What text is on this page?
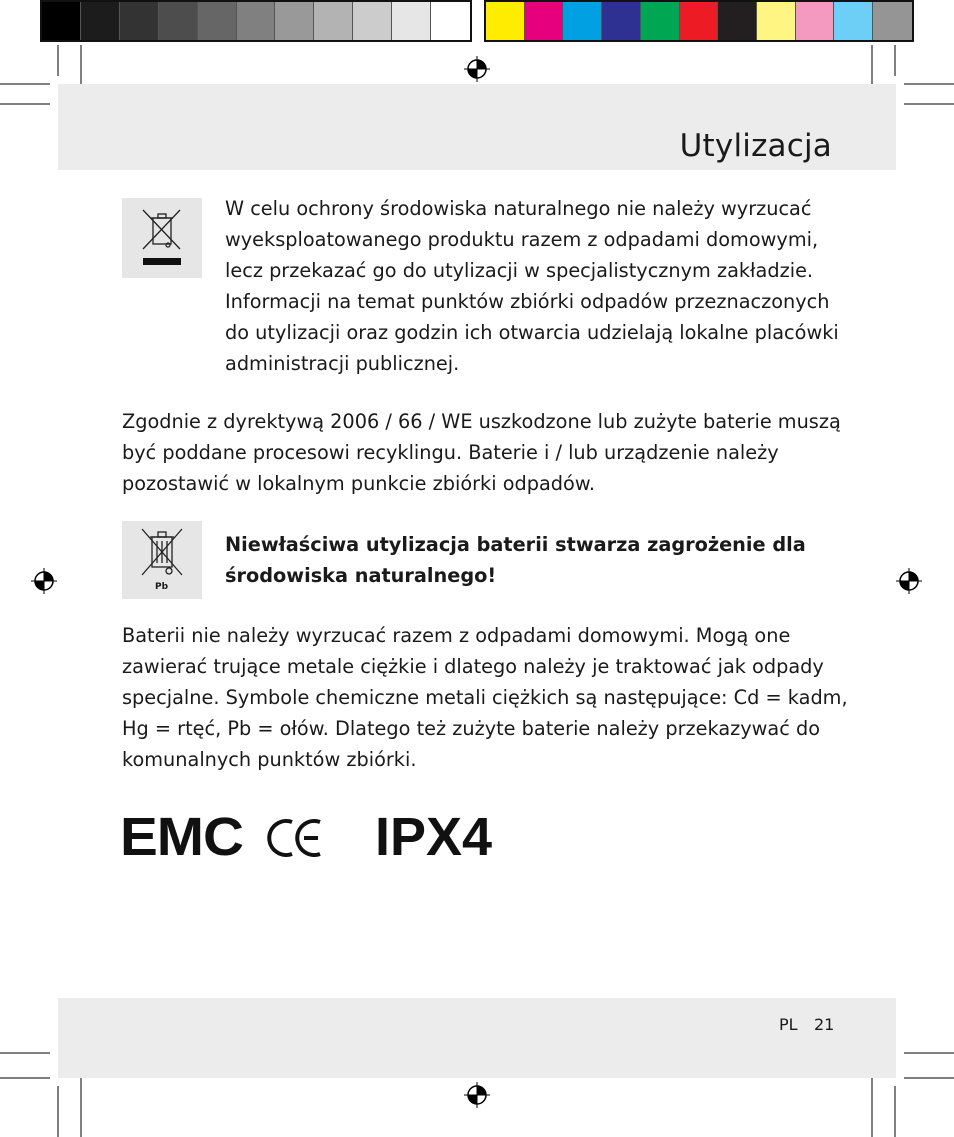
Utylizacja

W celu ochrony środowiska naturalnego nie należy wyrzucać wyeksploatowanego produktu razem z odpadami domowymi, lecz przekazać go do utylizacji w specjalistycznym zakładzie. Informacji na temat punktów zbiórki odpadów przeznaczonych do utylizacji oraz godzin ich otwarcia udzielają lokalne placówki administracji publicznej.

Zgodnie z dyrektywą 2006 / 66 / WE uszkodzone lub zużyte baterie muszą być poddane procesowi recyklingu. Baterie i / lub urządzenie należy pozostawić w lokalnym punkcie zbiórki odpadów.

Pb

Niewłaściwa utylizacja baterii stwarza zagrożenie dla środowiska naturalnego!

Baterii nie należy wyrzucać razem z odpadami domowymi. Mogą one zawierać trujące metale ciężkie i dlatego należy je traktować jak odpady specjalne. Symbole chemiczne metali ciężkich są następujące: Cd = kadm, Hg = rtęć, Pb = ołów. Dlatego też zużyte baterie należy przekazywać do komunalnych punktów zbiórki.

EMC IPX4
PL 21
